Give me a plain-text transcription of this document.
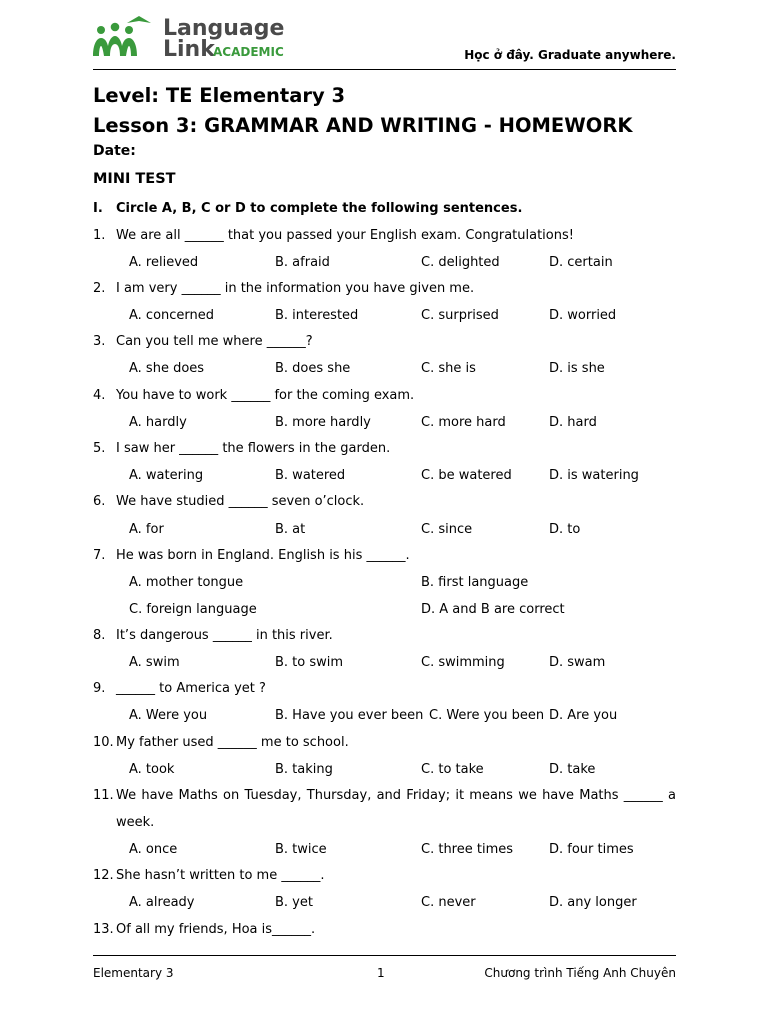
Language
Link
ACADEMIC	Học ở đây. Graduate anywhere.
Level: TE Elementary 3
Lesson 3: GRAMMAR AND WRITING - HOMEWORK
Date:
MINI TEST
I. Circle A, B, C or D to complete the following sentences.
1. We are all ______ that you passed your English exam. Congratulations!
A. relieved	B. afraid	C. delighted	D. certain
2. I am very ______ in the information you have given me.
A. concerned	B. interested	C. surprised	D. worried
3. Can you tell me where ______?
A. she does	B. does she	C. she is	D. is she
4. You have to work ______ for the coming exam.
A. hardly	B. more hardly	C. more hard	D. hard
5. I saw her ______ the flowers in the garden.
A. watering	B. watered	C. be watered	D. is watering
6. We have studied ______ seven o’clock.
A. for	B. at	C. since	D. to
7. He was born in England. English is his ______.
A. mother tongue	B. first language
C. foreign language	D. A and B are correct
8. It’s dangerous ______ in this river.
A. swim	B. to swim	C. swimming	D. swam
9. ______ to America yet ?
A. Were you	B. Have you ever been C. Were you been D. Are you
10. My father used ______ me to school.
A. took	B. taking	C. to take	D. take
11. We have Maths on Tuesday, Thursday, and Friday; it means we have Maths ______ a
week.
A. once	B. twice	C. three times	D. four times
12. She hasn’t written to me ______.
A. already	B. yet	C. never	D. any longer
13. Of all my friends, Hoa is______.
Elementary 3	1	Chương trình Tiếng Anh Chuyên
